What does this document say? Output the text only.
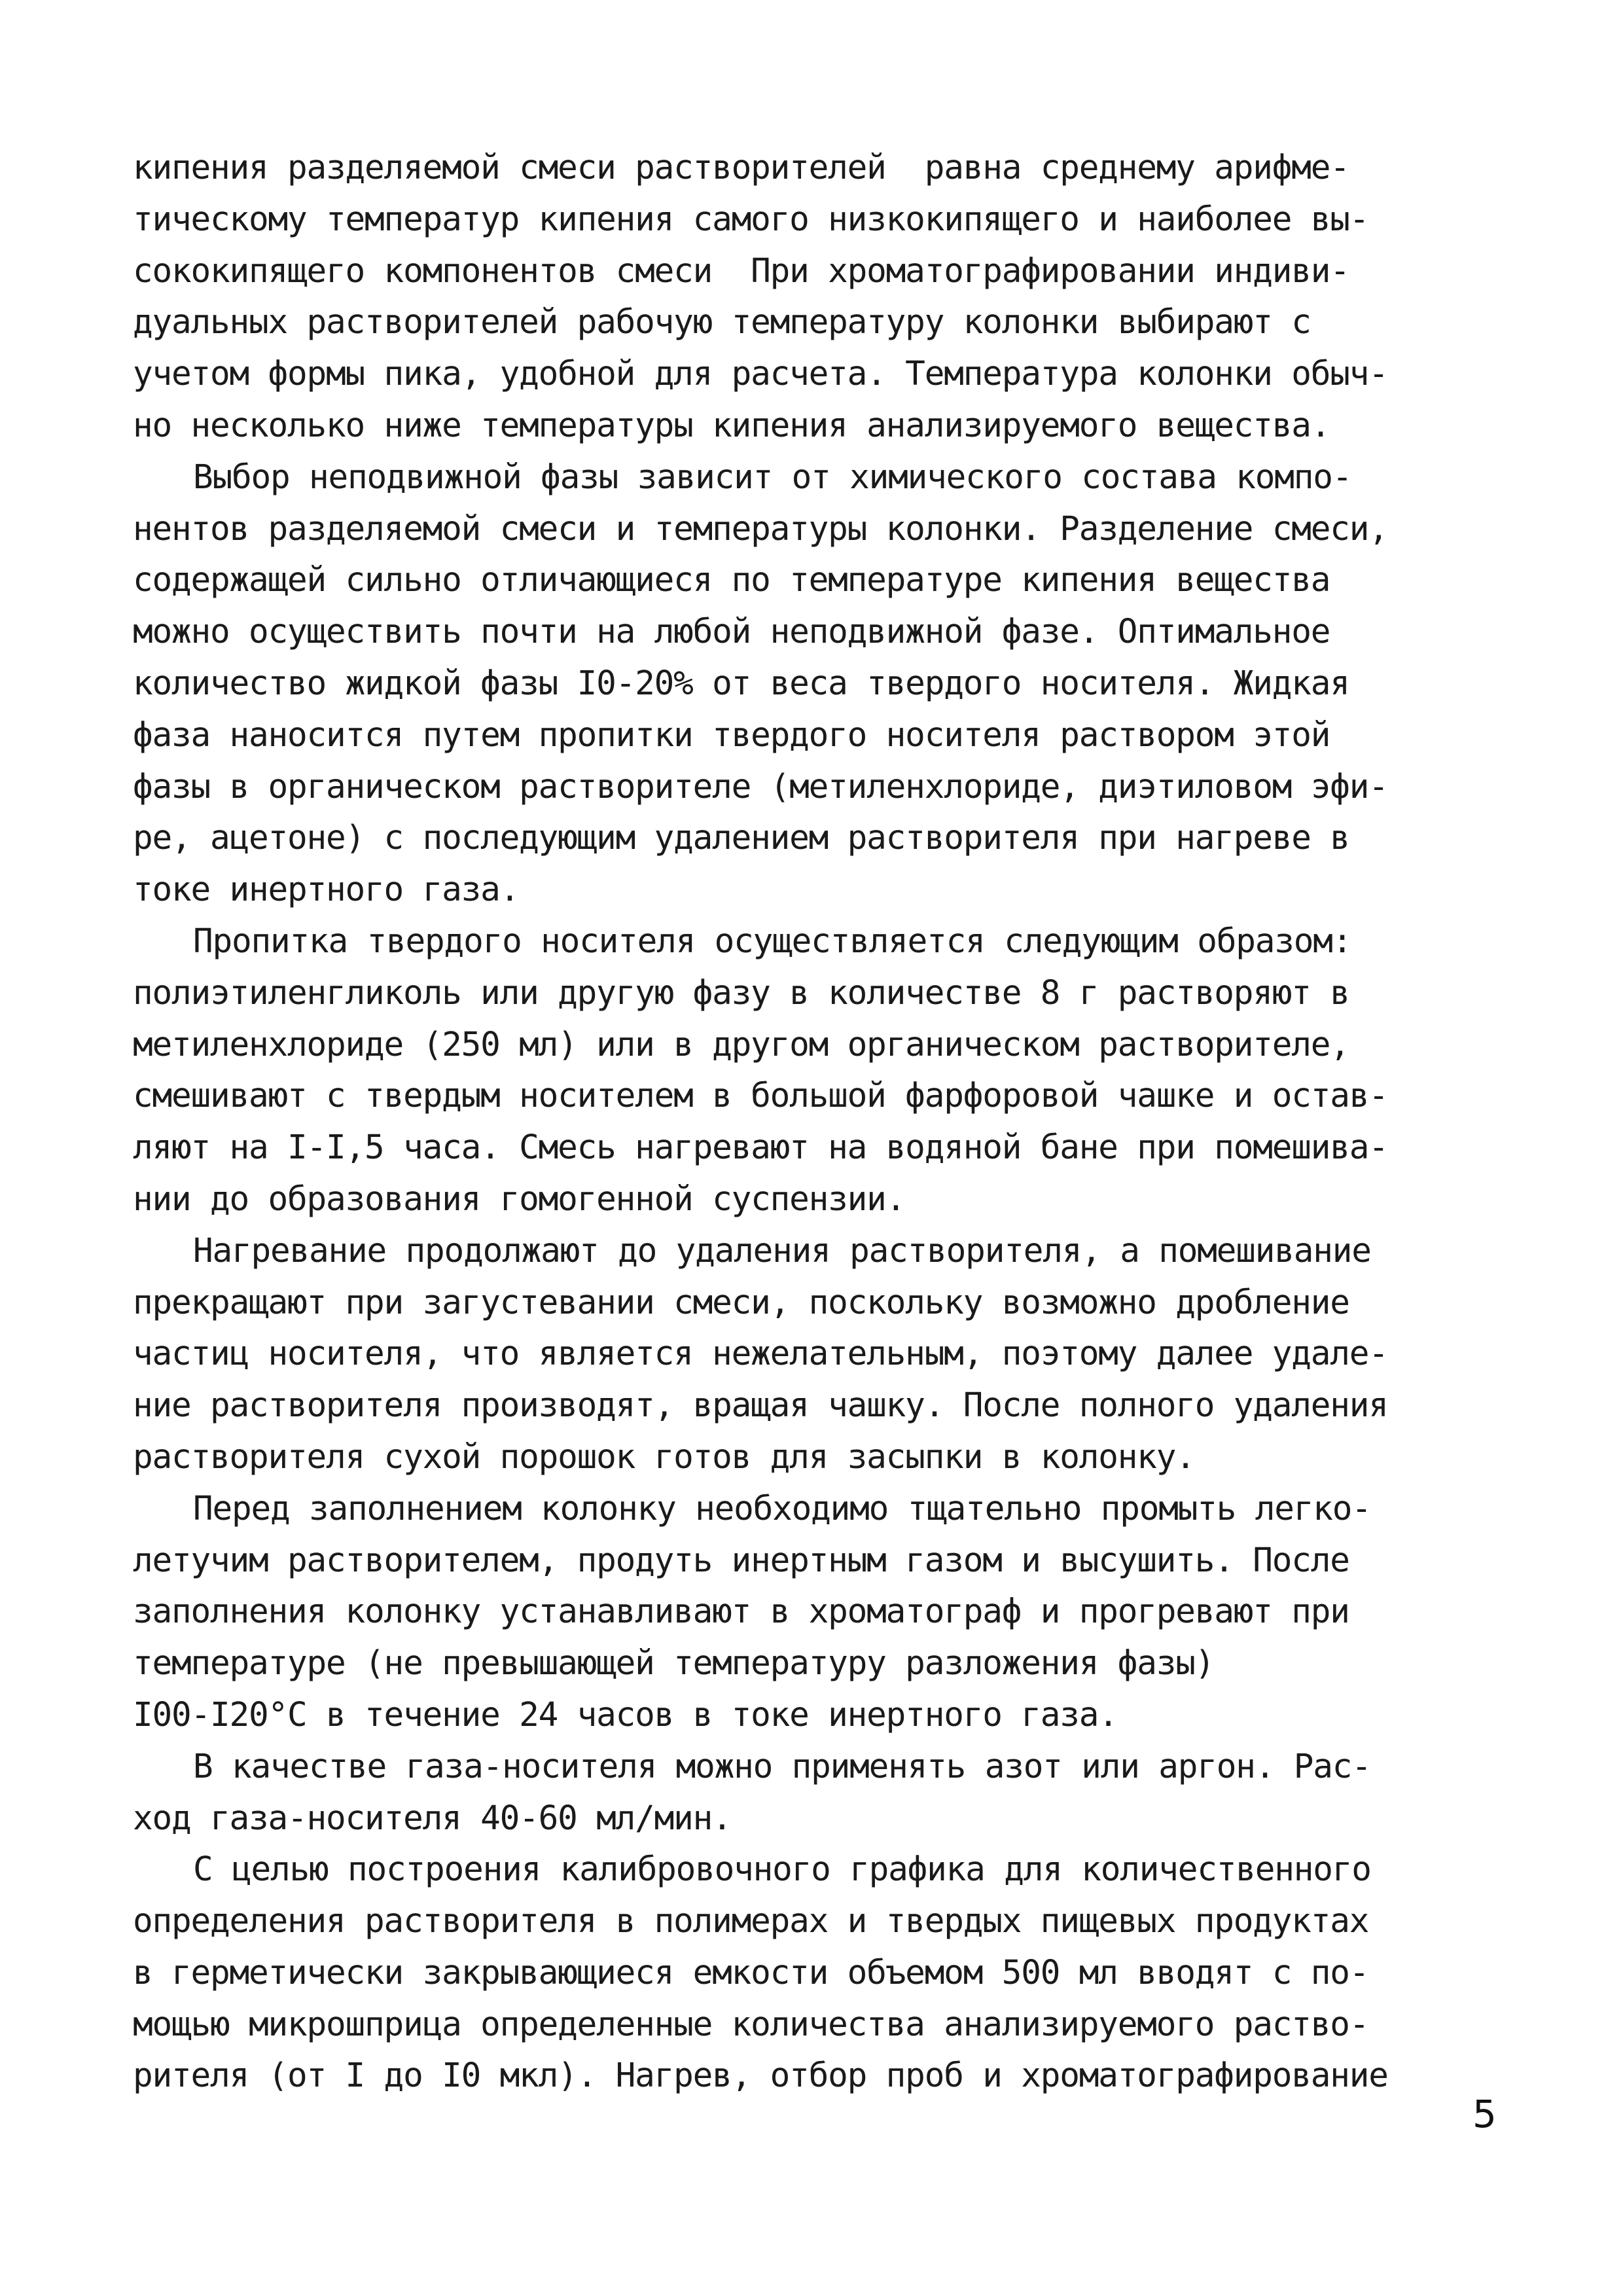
кипения разделяемой смеси растворителей  равна среднему арифме-
тическому температур кипения самого низкокипящего и наиболее вы-
сококипящего компонентов смеси  При хроматографировании индиви-
дуальных растворителей рабочую температуру колонки выбирают с
учетом формы пика, удобной для расчета. Температура колонки обыч-
но несколько ниже температуры кипения анализируемого вещества.
Выбор неподвижной фазы зависит от химического состава компо-
нентов разделяемой смеси и температуры колонки. Разделение смеси,
содержащей сильно отличающиеся по температуре кипения вещества
можно осуществить почти на любой неподвижной фазе. Оптимальное
количество жидкой фазы I0-20% от веса твердого носителя. Жидкая
фаза наносится путем пропитки твердого носителя раствором этой
фазы в органическом растворителе (метиленхлориде, диэтиловом эфи-
ре, ацетоне) с последующим удалением растворителя при нагреве в
токе инертного газа.
Пропитка твердого носителя осуществляется следующим образом:
полиэтиленгликоль или другую фазу в количестве 8 г растворяют в
метиленхлориде (250 мл) или в другом органическом растворителе,
смешивают с твердым носителем в большой фарфоровой чашке и остав-
ляют на I-I,5 часа. Смесь нагревают на водяной бане при помешива-
нии до образования гомогенной суспензии.
Нагревание продолжают до удаления растворителя, а помешивание
прекращают при загустевании смеси, поскольку возможно дробление
частиц носителя, что является нежелательным, поэтому далее удале-
ние растворителя производят, вращая чашку. После полного удаления
растворителя сухой порошок готов для засыпки в колонку.
Перед заполнением колонку необходимо тщательно промыть легко-
летучим растворителем, продуть инертным газом и высушить. После
заполнения колонку устанавливают в хроматограф и прогревают при
температуре (не превышающей температуру разложения фазы)
I00-I20°C в течение 24 часов в токе инертного газа.
В качестве газа-носителя можно применять азот или аргон. Рас-
ход газа-носителя 40-60 мл/мин.
С целью построения калибровочного графика для количественного
определения растворителя в полимерах и твердых пищевых продуктах
в герметически закрывающиеся емкости объемом 500 мл вводят с по-
мощью микрошприца определенные количества анализируемого раство-
рителя (от I до I0 мкл). Нагрев, отбор проб и хроматографирование
5
